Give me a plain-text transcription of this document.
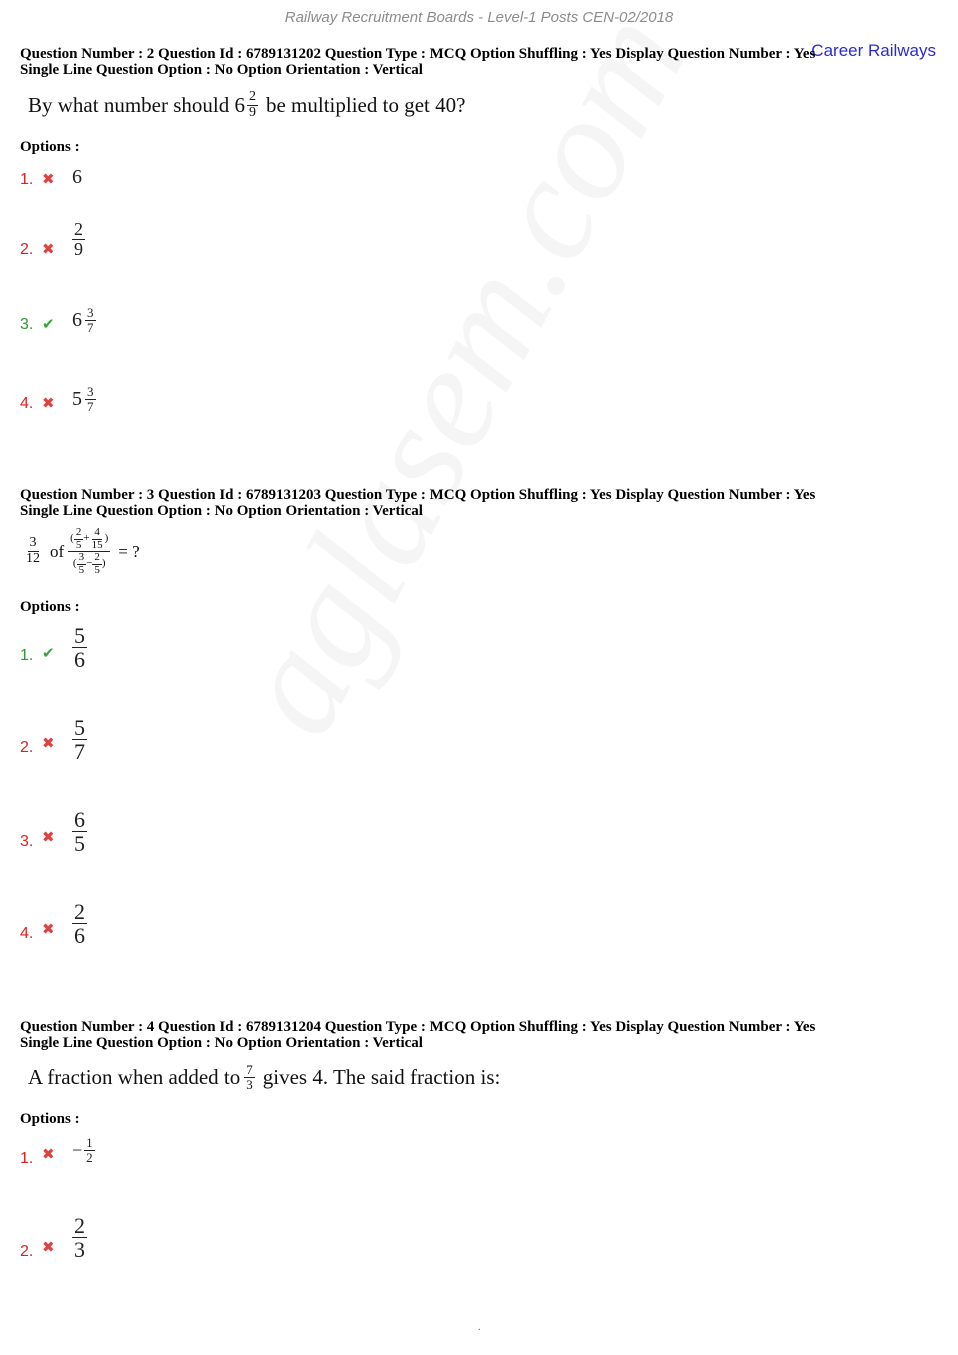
Railway Recruitment Boards - Level-1 Posts CEN-02/2018
Career Railways
Question Number : 2 Question Id : 6789131202 Question Type : MCQ Option Shuffling : Yes Display Question Number : Yes
Single Line Question Option : No Option Orientation : Vertical
By what number should $6 \frac{2}{9}$ be multiplied to get 40?
Options :
1. ✖ 6
2. ✖ $\frac{2}{9}$
3. ✔ $6 \frac{3}{7}$
4. ✖ $5 \frac{3}{7}$
Question Number : 3 Question Id : 6789131203 Question Type : MCQ Option Shuffling : Yes Display Question Number : Yes
Single Line Question Option : No Option Orientation : Vertical
$\frac{3}{12}$ of $\frac{( \frac{2}{5} + \frac{4}{15} )}{( \frac{3}{5} - \frac{2}{5} )}$ = ?
Options :
1. ✔ $\frac{5}{6}$
2. ✖ $\frac{5}{7}$
3. ✖ $\frac{6}{5}$
4. ✖ $\frac{2}{6}$
Question Number : 4 Question Id : 6789131204 Question Type : MCQ Option Shuffling : Yes Display Question Number : Yes
Single Line Question Option : No Option Orientation : Vertical
A fraction when added to $\frac{7}{3}$ gives 4. The said fraction is:
Options :
1. ✖ − $\frac{1}{2}$
2. ✖ $\frac{2}{3}$
.
